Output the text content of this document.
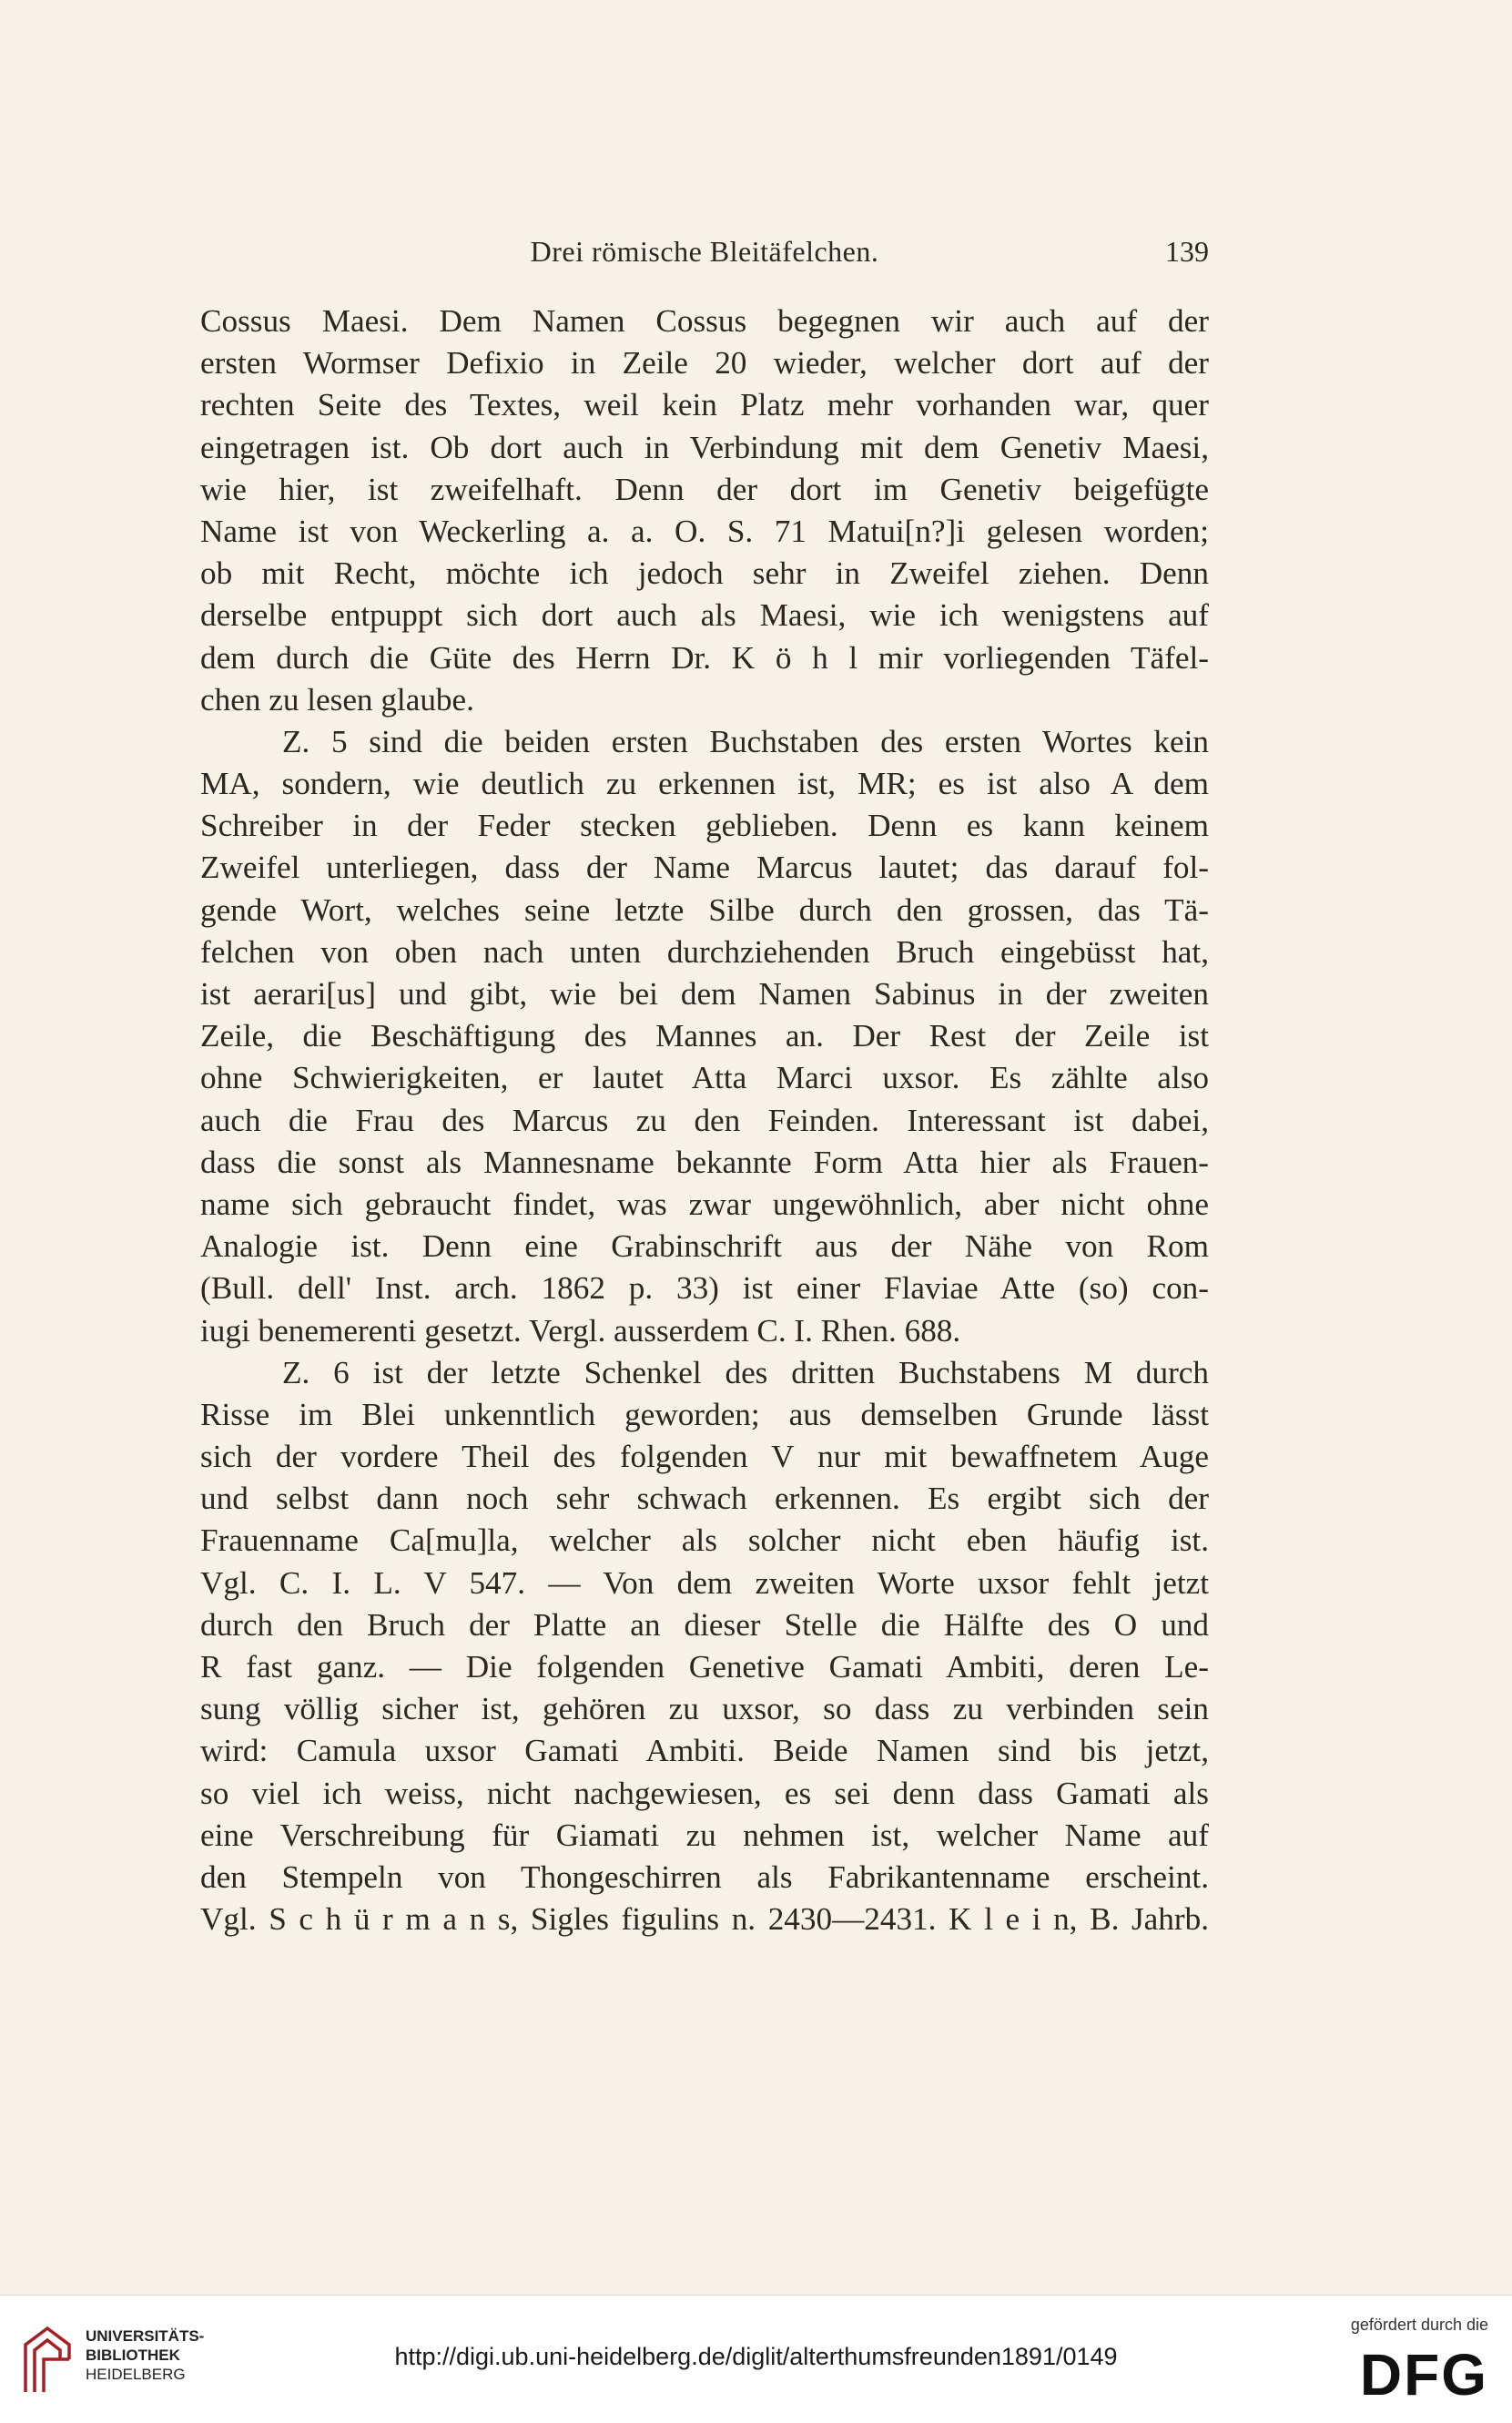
Drei römische Bleitäfelchen.	139
Cossus Maesi. Dem Namen Cossus begegnen wir auch auf der
ersten Wormser Defixio in Zeile 20 wieder, welcher dort auf der
rechten Seite des Textes, weil kein Platz mehr vorhanden war, quer
eingetragen ist. Ob dort auch in Verbindung mit dem Genetiv Maesi,
wie hier, ist zweifelhaft. Denn der dort im Genetiv beigefügte
Name ist von Weckerling a. a. O. S. 71 Matui[n?]i gelesen worden;
ob mit Recht, möchte ich jedoch sehr in Zweifel ziehen. Denn
derselbe entpuppt sich dort auch als Maesi, wie ich wenigstens auf
dem durch die Güte des Herrn Dr. K ö h l mir vorliegenden Täfel-
chen zu lesen glaube.
Z. 5 sind die beiden ersten Buchstaben des ersten Wortes kein
MA, sondern, wie deutlich zu erkennen ist, MR; es ist also A dem
Schreiber in der Feder stecken geblieben. Denn es kann keinem
Zweifel unterliegen, dass der Name Marcus lautet; das darauf fol-
gende Wort, welches seine letzte Silbe durch den grossen, das Tä-
felchen von oben nach unten durchziehenden Bruch eingebüsst hat,
ist aerari[us] und gibt, wie bei dem Namen Sabinus in der zweiten
Zeile, die Beschäftigung des Mannes an. Der Rest der Zeile ist
ohne Schwierigkeiten, er lautet Atta Marci uxsor. Es zählte also
auch die Frau des Marcus zu den Feinden. Interessant ist dabei,
dass die sonst als Mannesname bekannte Form Atta hier als Frauen-
name sich gebraucht findet, was zwar ungewöhnlich, aber nicht ohne
Analogie ist. Denn eine Grabinschrift aus der Nähe von Rom
(Bull. dell' Inst. arch. 1862 p. 33) ist einer Flaviae Atte (so) con-
iugi benemerenti gesetzt. Vergl. ausserdem C. I. Rhen. 688.
Z. 6 ist der letzte Schenkel des dritten Buchstabens M durch
Risse im Blei unkenntlich geworden; aus demselben Grunde lässt
sich der vordere Theil des folgenden V nur mit bewaffnetem Auge
und selbst dann noch sehr schwach erkennen. Es ergibt sich der
Frauenname Ca[mu]la, welcher als solcher nicht eben häufig ist.
Vgl. C. I. L. V 547. — Von dem zweiten Worte uxsor fehlt jetzt
durch den Bruch der Platte an dieser Stelle die Hälfte des O und
R fast ganz. — Die folgenden Genetive Gamati Ambiti, deren Le-
sung völlig sicher ist, gehören zu uxsor, so dass zu verbinden sein
wird: Camula uxsor Gamati Ambiti. Beide Namen sind bis jetzt,
so viel ich weiss, nicht nachgewiesen, es sei denn dass Gamati als
eine Verschreibung für Giamati zu nehmen ist, welcher Name auf
den Stempeln von Thongeschirren als Fabrikantenname erscheint.
Vgl. S c h ü r m a n s, Sigles figulins n. 2430—2431. K l e i n, B. Jahrb.
UNIVERSITÄTS-
BIBLIOTHEK
HEIDELBERG
http://digi.ub.uni-heidelberg.de/diglit/alterthumsfreunden1891/0149
gefördert durch die
DFG
